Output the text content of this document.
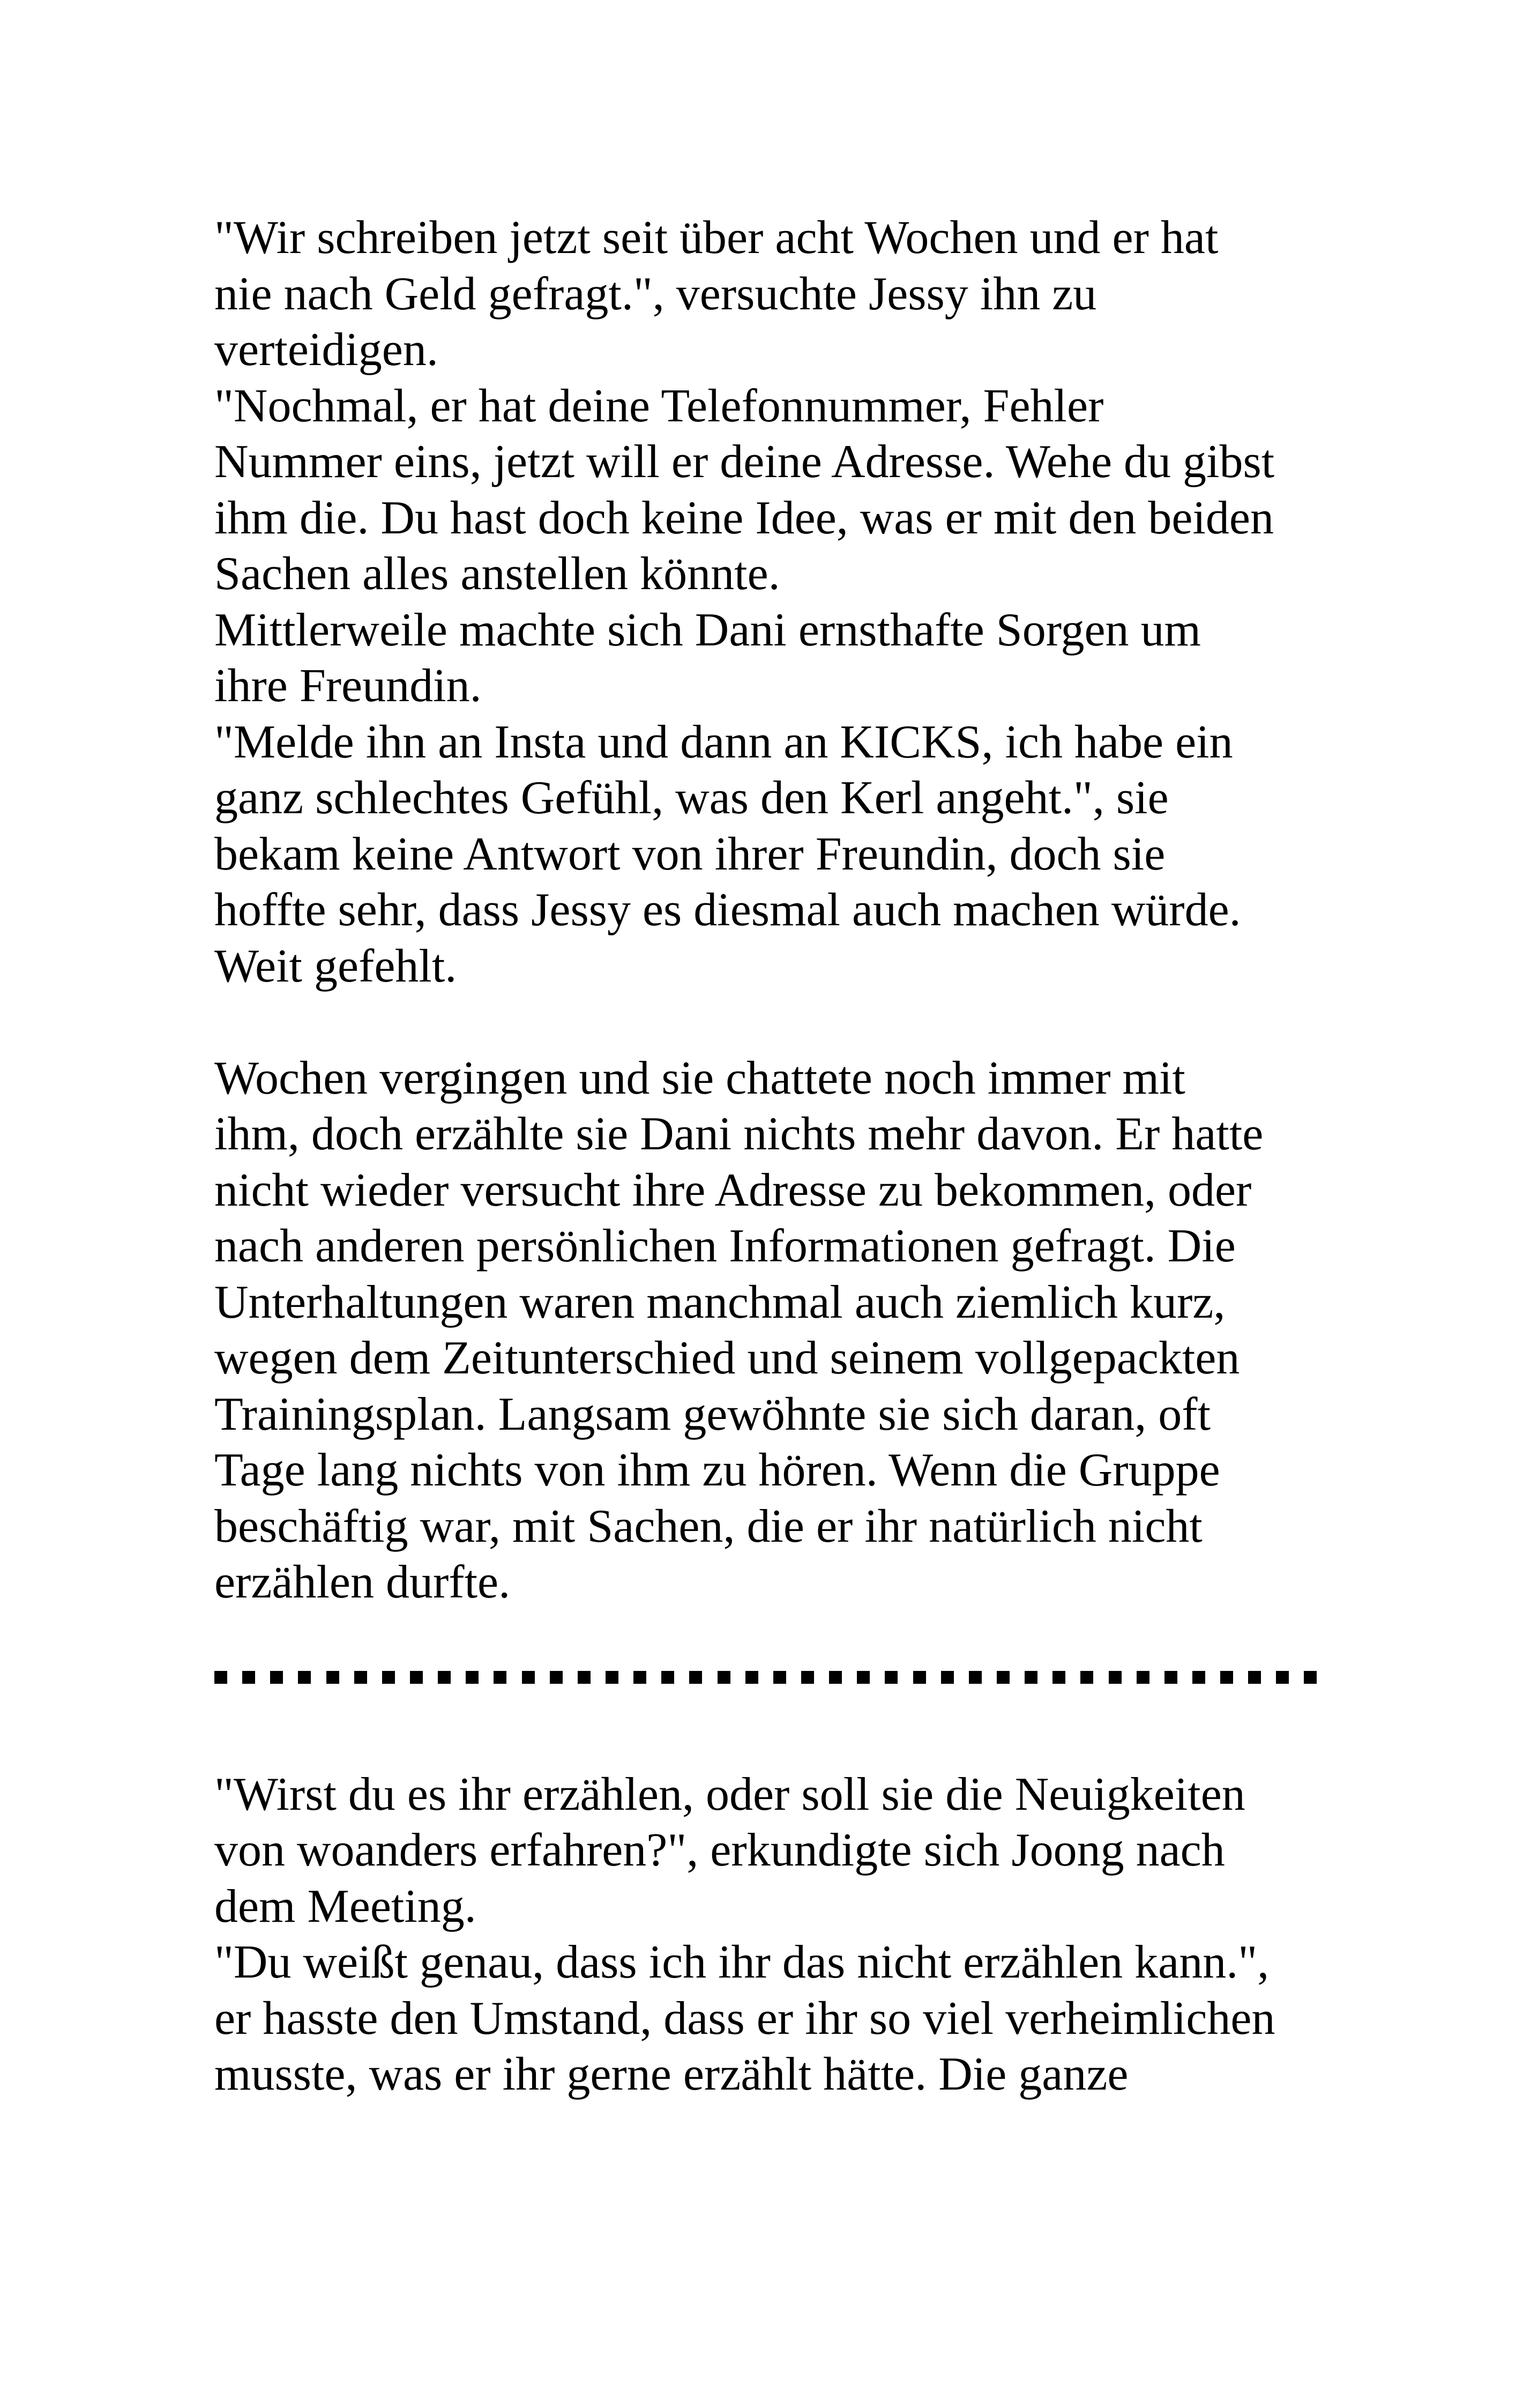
"Wir schreiben jetzt seit über acht Wochen und er hat
nie nach Geld gefragt.", versuchte Jessy ihn zu
verteidigen.
"Nochmal, er hat deine Telefonnummer, Fehler
Nummer eins, jetzt will er deine Adresse. Wehe du gibst
ihm die. Du hast doch keine Idee, was er mit den beiden
Sachen alles anstellen könnte.
Mittlerweile machte sich Dani ernsthafte Sorgen um
ihre Freundin.
"Melde ihn an Insta und dann an KICKS, ich habe ein
ganz schlechtes Gefühl, was den Kerl angeht.", sie
bekam keine Antwort von ihrer Freundin, doch sie
hoffte sehr, dass Jessy es diesmal auch machen würde.
Weit gefehlt.
Wochen vergingen und sie chattete noch immer mit
ihm, doch erzählte sie Dani nichts mehr davon. Er hatte
nicht wieder versucht ihre Adresse zu bekommen, oder
nach anderen persönlichen Informationen gefragt. Die
Unterhaltungen waren manchmal auch ziemlich kurz,
wegen dem Zeitunterschied und seinem vollgepackten
Trainingsplan. Langsam gewöhnte sie sich daran, oft
Tage lang nichts von ihm zu hören. Wenn die Gruppe
beschäftig war, mit Sachen, die er ihr natürlich nicht
erzählen durfte.
"Wirst du es ihr erzählen, oder soll sie die Neuigkeiten
von woanders erfahren?", erkundigte sich Joong nach
dem Meeting.
"Du weißt genau, dass ich ihr das nicht erzählen kann.",
er hasste den Umstand, dass er ihr so viel verheimlichen
musste, was er ihr gerne erzählt hätte. Die ganze
